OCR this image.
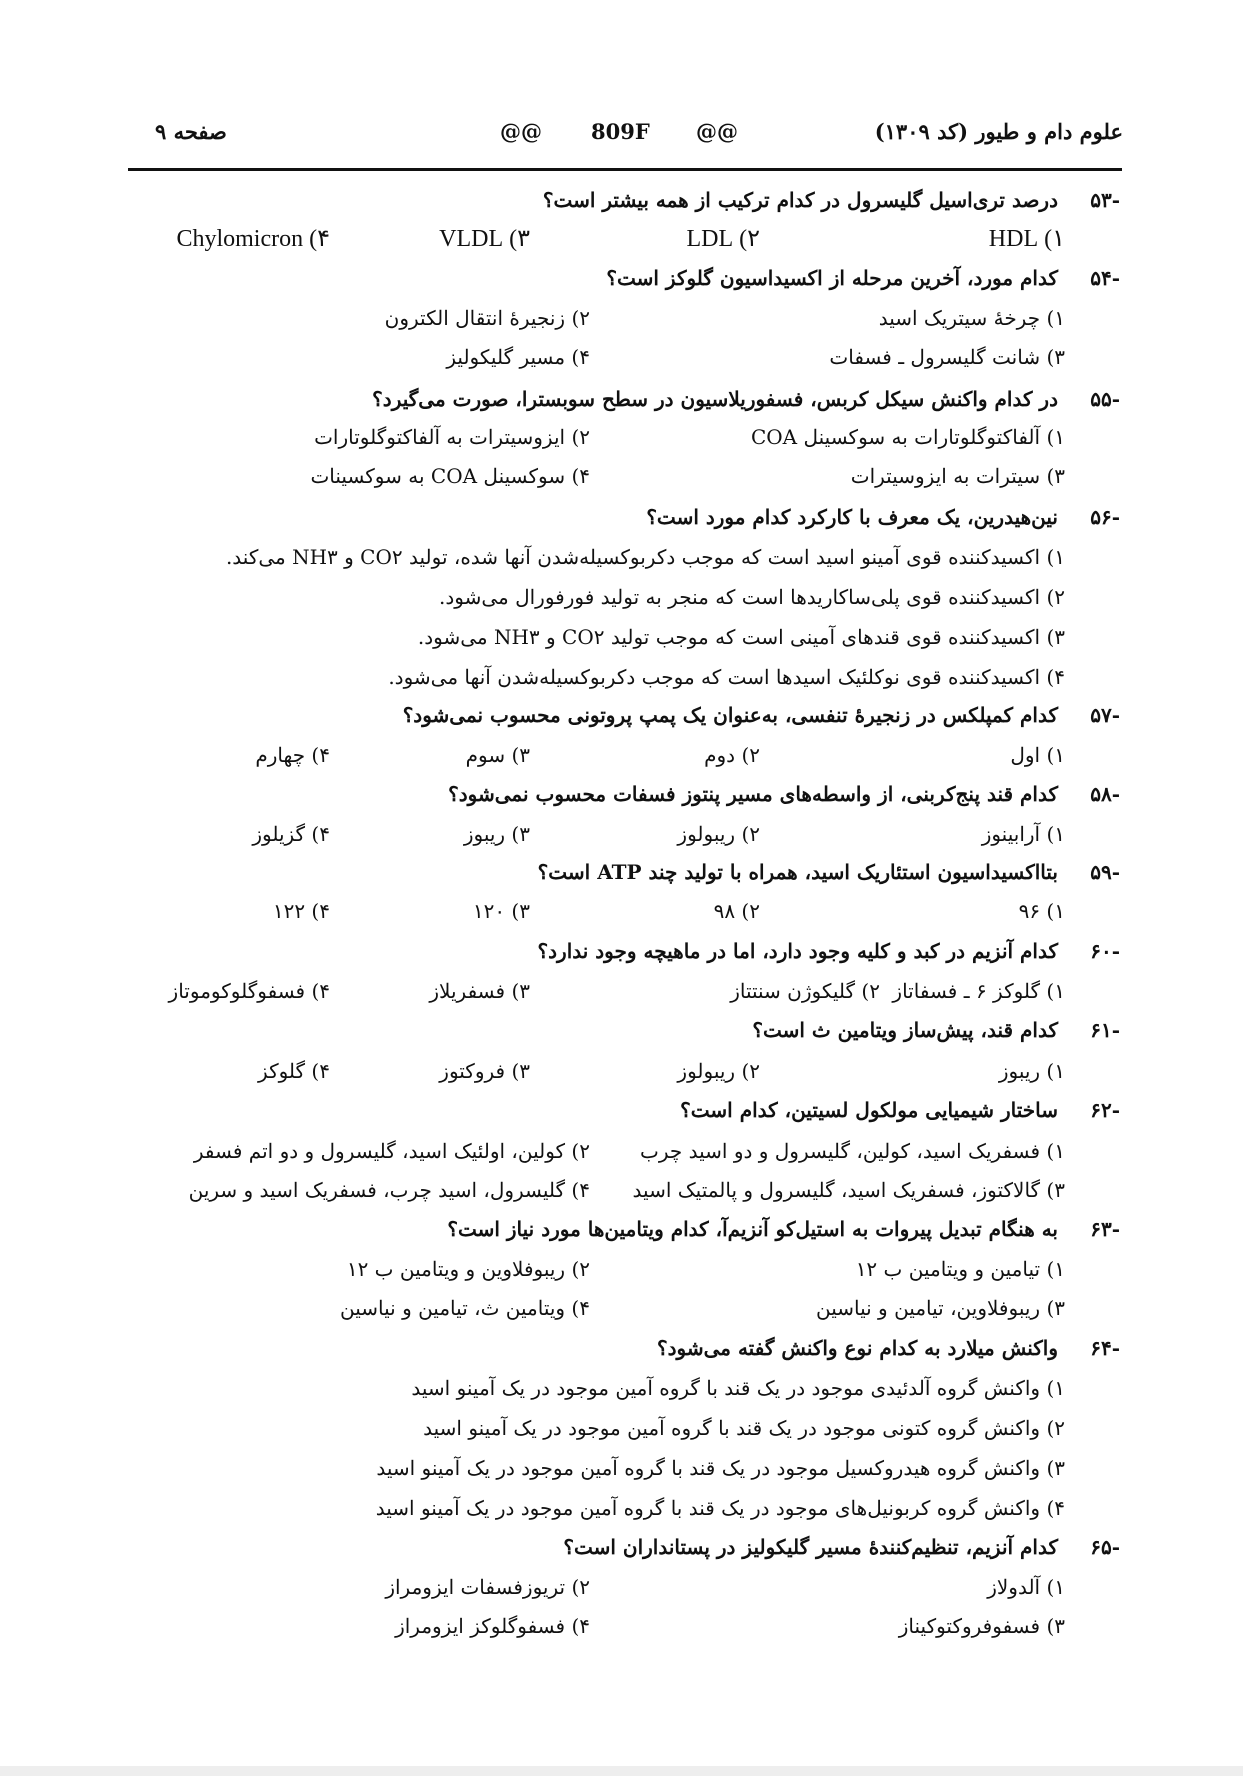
علوم دام و طیور (کد ۱۳۰۹)
@@ 809F @@
صفحه ۹
-۵۳
درصد تری‌اسیل گلیسرول در کدام ترکیب از همه بیشتر است؟
۱) HDL
۲) LDL
۳) VLDL
۴) Chylomicron
-۵۴
کدام مورد، آخرین مرحله از اکسیداسیون گلوکز است؟
۱) چرخهٔ سیتریک اسید
۲) زنجیرهٔ انتقال الکترون
۳) شانت گلیسرول ـ فسفات
۴) مسیر گلیکولیز
-۵۵
در کدام واکنش سیکل کربس، فسفوریلاسیون در سطح سوبسترا، صورت می‌گیرد؟
۱) آلفاکتوگلوتارات به سوکسینل COA
۲) ایزوسیترات به آلفاکتوگلوتارات
۳) سیترات به ایزوسیترات
۴) سوکسینل COA به سوکسینات
-۵۶
نین‌هیدرین، یک معرف با کارکرد کدام مورد است؟
۱) اکسیدکننده قوی آمینو اسید است که موجب دکربوکسیله‌شدن آنها شده، تولید CO۲ و NH۳ می‌کند.
۲) اکسیدکننده قوی پلی‌ساکاریدها است که منجر به تولید فورفورال می‌شود.
۳) اکسیدکننده قوی قندهای آمینی است که موجب تولید CO۲ و NH۳ می‌شود.
۴) اکسیدکننده قوی نوکلئیک اسیدها است که موجب دکربوکسیله‌شدن آنها می‌شود.
-۵۷
کدام کمپلکس در زنجیرهٔ تنفسی، به‌عنوان یک پمپ پروتونی محسوب نمی‌شود؟
۱) اول
۲) دوم
۳) سوم
۴) چهارم
-۵۸
کدام قند پنج‌کربنی، از واسطه‌های مسیر پنتوز فسفات محسوب نمی‌شود؟
۱) آرابینوز
۲) ریبولوز
۳) ریبوز
۴) گزیلوز
-۵۹
بتااکسیداسیون استئاریک اسید، همراه با تولید چند ATP است؟
۱) ۹۶
۲) ۹۸
۳) ۱۲۰
۴) ۱۲۲
-۶۰
کدام آنزیم در کبد و کلیه وجود دارد، اما در ماهیچه وجود ندارد؟
۱) گلوکز ۶ ـ فسفاتاز
۲) گلیکوژن سنتتاز
۳) فسفریلاز
۴) فسفوگلوکوموتاز
-۶۱
کدام قند، پیش‌ساز ویتامین ث است؟
۱) ریبوز
۲) ریبولوز
۳) فروکتوز
۴) گلوکز
-۶۲
ساختار شیمیایی مولکول لسیتین، کدام است؟
۱) فسفریک اسید، کولین، گلیسرول و دو اسید چرب
۲) کولین، اولئیک اسید، گلیسرول و دو اتم فسفر
۳) گالاکتوز، فسفریک اسید، گلیسرول و پالمتیک اسید
۴) گلیسرول، اسید چرب، فسفریک اسید و سرین
-۶۳
به هنگام تبدیل پیروات به استیل‌کو آنزیم‌آ، کدام ویتامین‌ها مورد نیاز است؟
۱) تیامین و ویتامین ب ۱۲
۲) ریبوفلاوین و ویتامین ب ۱۲
۳) ریبوفلاوین، تیامین و نیاسین
۴) ویتامین ث، تیامین و نیاسین
-۶۴
واکنش میلارد به کدام نوع واکنش گفته می‌شود؟
۱) واکنش گروه آلدئیدی موجود در یک قند با گروه آمین موجود در یک آمینو اسید
۲) واکنش گروه کتونی موجود در یک قند با گروه آمین موجود در یک آمینو اسید
۳) واکنش گروه هیدروکسیل موجود در یک قند با گروه آمین موجود در یک آمینو اسید
۴) واکنش گروه کربونیل‌های موجود در یک قند با گروه آمین موجود در یک آمینو اسید
-۶۵
کدام آنزیم، تنظیم‌کنندهٔ مسیر گلیکولیز در پستانداران است؟
۱) آلدولاز
۲) تریوزفسفات ایزومراز
۳) فسفوفروکتوکیناز
۴) فسفوگلوکز ایزومراز
